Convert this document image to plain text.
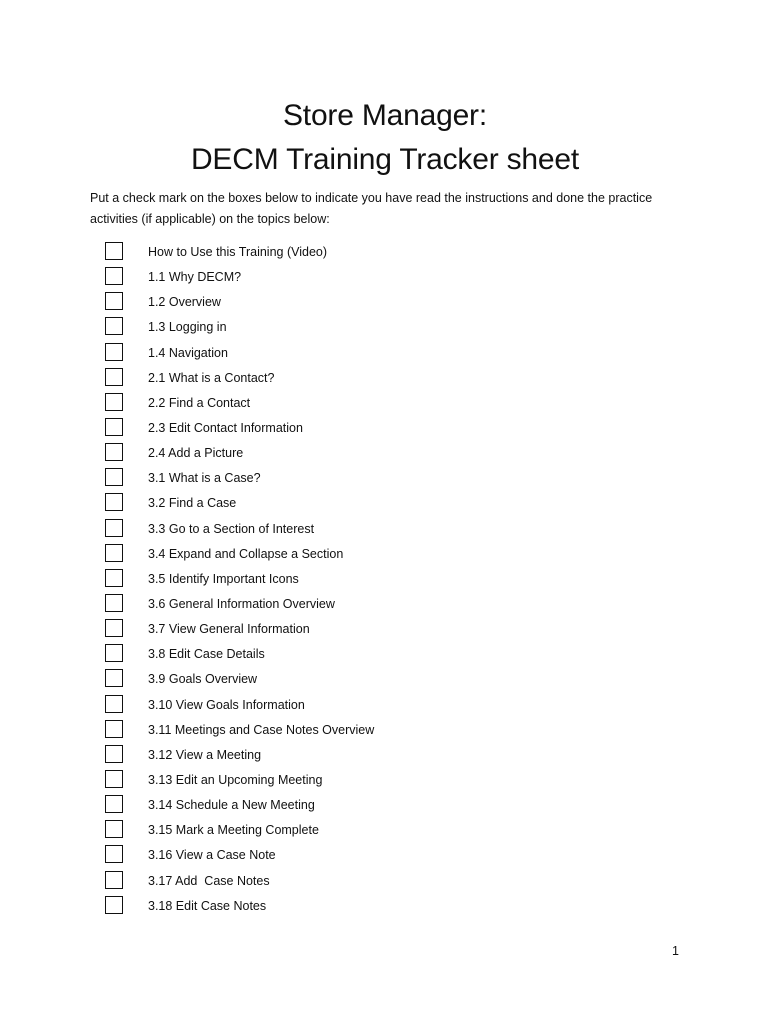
Store Manager:
DECM Training Tracker sheet

Put a check mark on the boxes below to indicate you have read the instructions and done the practice activities (if applicable) on the topics below:

How to Use this Training (Video)
1.1 Why DECM?
1.2 Overview
1.3 Logging in
1.4 Navigation
2.1 What is a Contact?
2.2 Find a Contact
2.3 Edit Contact Information
2.4 Add a Picture
3.1 What is a Case?
3.2 Find a Case
3.3 Go to a Section of Interest
3.4 Expand and Collapse a Section
3.5 Identify Important Icons
3.6 General Information Overview
3.7 View General Information
3.8 Edit Case Details
3.9 Goals Overview
3.10 View Goals Information
3.11 Meetings and Case Notes Overview
3.12 View a Meeting
3.13 Edit an Upcoming Meeting
3.14 Schedule a New Meeting
3.15 Mark a Meeting Complete
3.16 View a Case Note
3.17 Add  Case Notes
3.18 Edit Case Notes
1
